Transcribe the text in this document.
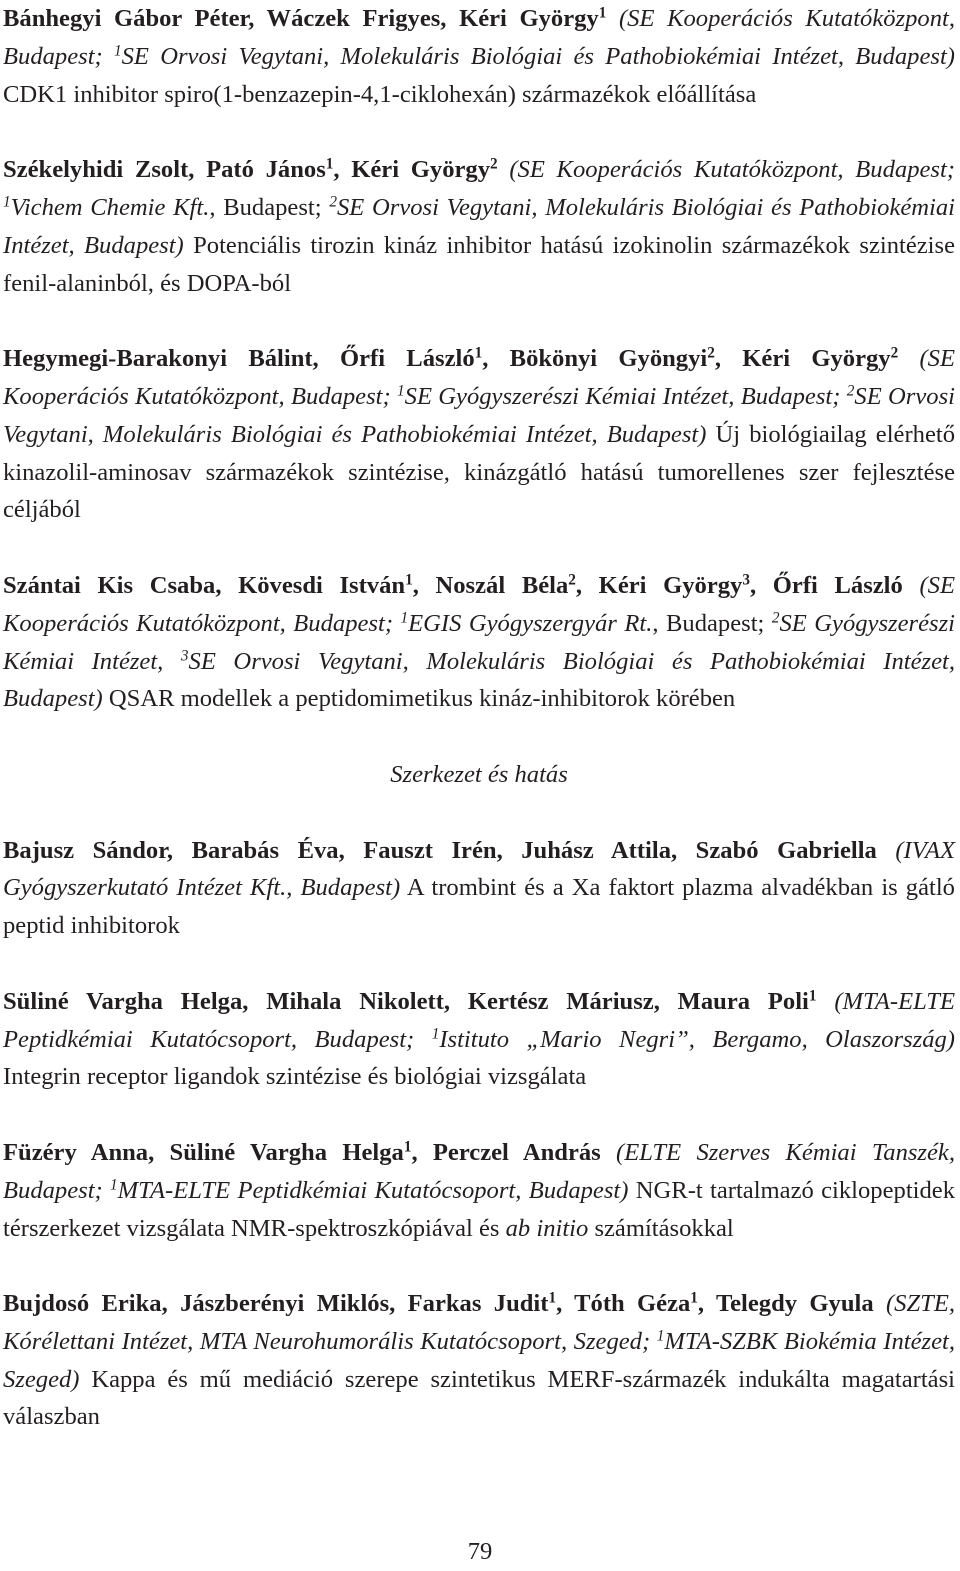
Bánhegyi Gábor Péter, Wáczek Frigyes, Kéri György$^1$ (SE Kooperációs Kutatóközpont, Budapest; $^1$SE Orvosi Vegytani, Molekuláris Biológiai és Pathobiokémiai Intézet, Budapest) CDK1 inhibitor spiro(1-benzazepin-4,1-ciklohexán) származékok előállítása

Székelyhidi Zsolt, Pató János$^1$, Kéri György$^2$ (SE Kooperációs Kutatóközpont, Budapest; $^1$Vichem Chemie Kft., Budapest; $^2$SE Orvosi Vegytani, Molekuláris Biológiai és Pathobiokémiai Intézet, Budapest) Potenciális tirozin kináz inhibitor hatású izokinolin származékok szintézise fenil-alaninból, és DOPA-ból

Hegymegi-Barakonyi Bálint, Őrfi László$^1$, Bökönyi Gyöngyi$^2$, Kéri György$^2$ (SE Kooperációs Kutatóközpont, Budapest; $^1$SE Gyógyszerészi Kémiai Intézet, Budapest; $^2$SE Orvosi Vegytani, Molekuláris Biológiai és Pathobiokémiai Intézet, Budapest) Új biológiailag elérhető kinazolil-aminosav származékok szintézise, kinázgátló hatású tumorellenes szer fejlesztése céljából

Szántai Kis Csaba, Kövesdi István$^1$, Noszál Béla$^2$, Kéri György$^3$, Őrfi László (SE Kooperációs Kutatóközpont, Budapest; $^1$EGIS Gyógyszergyár Rt., Budapest; $^2$SE Gyógyszerészi Kémiai Intézet, $^3$SE Orvosi Vegytani, Molekuláris Biológiai és Pathobiokémiai Intézet, Budapest) QSAR modellek a peptidomimetikus kináz-inhibitorok körében

Szerkezet és hatás

Bajusz Sándor, Barabás Éva, Fauszt Irén, Juhász Attila, Szabó Gabriella (IVAX Gyógyszerkutató Intézet Kft., Budapest) A trombint és a Xa faktort plazma alvadékban is gátló peptid inhibitorok

Süliné Vargha Helga, Mihala Nikolett, Kertész Máriusz, Maura Poli$^1$ (MTA-ELTE Peptidkémiai Kutatócsoport, Budapest; $^1$Istituto „Mario Negri”, Bergamo, Olaszország) Integrin receptor ligandok szintézise és biológiai vizsgálata

Füzéry Anna, Süliné Vargha Helga$^1$, Perczel András (ELTE Szerves Kémiai Tanszék, Budapest; $^1$MTA-ELTE Peptidkémiai Kutatócsoport, Budapest) NGR-t tartalmazó ciklopeptidek térszerkezet vizsgálata NMR-spektroszkópiával és ab initio számításokkal

Bujdosó Erika, Jászberényi Miklós, Farkas Judit$^1$, Tóth Géza$^1$, Telegdy Gyula (SZTE, Kórélettani Intézet, MTA Neurohumorális Kutatócsoport, Szeged; $^1$MTA-SZBK Biokémia Intézet, Szeged) Kappa és mű mediáció szerepe szintetikus MERF-származék indukálta magatartási válaszban

79
